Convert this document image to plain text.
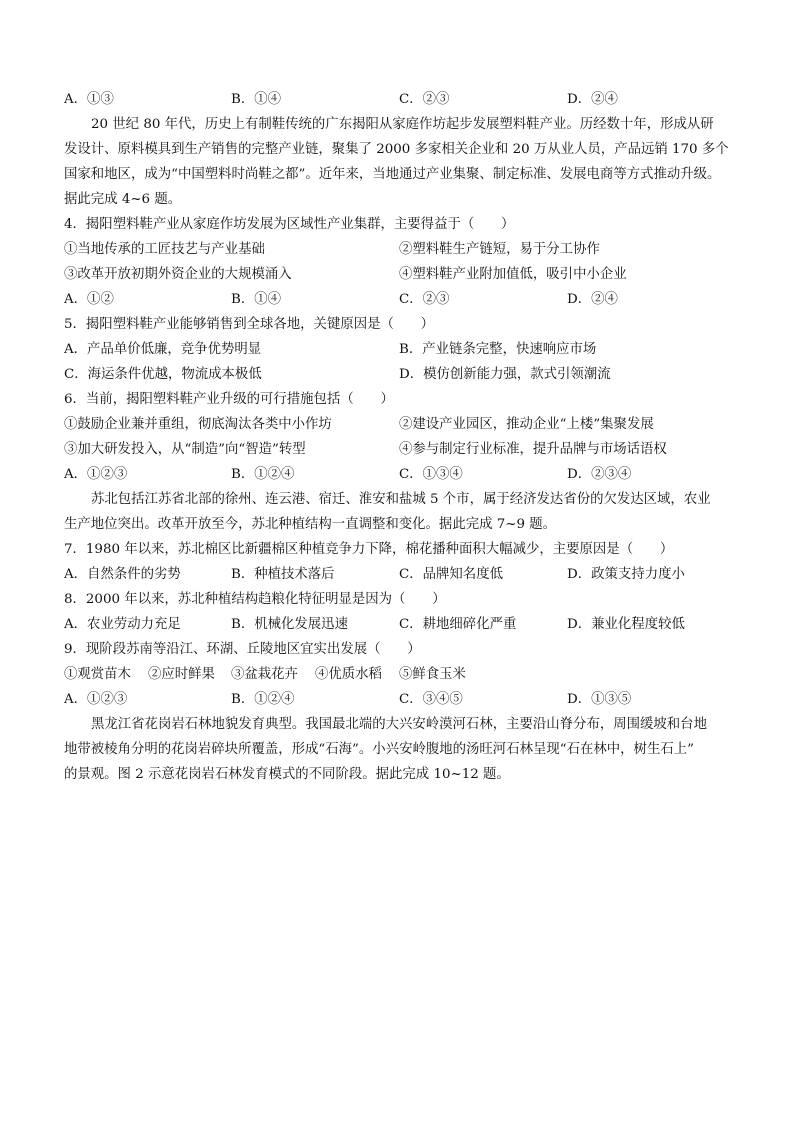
A．①③	B．①④	C．②③	D．②④
20 世纪 80 年代，历史上有制鞋传统的广东揭阳从家庭作坊起步发展塑料鞋产业。历经数十年，形成从研
发设计、原料模具到生产销售的完整产业链，聚集了 2000 多家相关企业和 20 万从业人员，产品远销 170 多个
国家和地区，成为“中国塑料时尚鞋之都”。近年来，当地通过产业集聚、制定标准、发展电商等方式推动升级。
据此完成 4~6 题。
4．揭阳塑料鞋产业从家庭作坊发展为区域性产业集群，主要得益于（　　）
①当地传承的工匠技艺与产业基础	②塑料鞋生产链短，易于分工协作
③改革开放初期外资企业的大规模涌入	④塑料鞋产业附加值低，吸引中小企业
A．①②	B．①④	C．②③	D．②④
5．揭阳塑料鞋产业能够销售到全球各地，关键原因是（　　）
A．产品单价低廉，竞争优势明显	B．产业链条完整，快速响应市场
C．海运条件优越，物流成本极低	D．模仿创新能力强，款式引领潮流
6．当前，揭阳塑料鞋产业升级的可行措施包括（　　）
①鼓励企业兼并重组，彻底淘汰各类中小作坊	②建设产业园区，推动企业“上楼”集聚发展
③加大研发投入，从“制造”向“智造”转型	④参与制定行业标准，提升品牌与市场话语权
A．①②③	B．①②④	C．①③④	D．②③④
苏北包括江苏省北部的徐州、连云港、宿迁、淮安和盐城 5 个市，属于经济发达省份的欠发达区域，农业
生产地位突出。改革开放至今，苏北种植结构一直调整和变化。据此完成 7~9 题。
7．1980 年以来，苏北棉区比新疆棉区种植竞争力下降，棉花播种面积大幅减少，主要原因是（　　）
A．自然条件的劣势	B．种植技术落后	C．品牌知名度低	D．政策支持力度小
8．2000 年以来，苏北种植结构趋粮化特征明显是因为（　　）
A．农业劳动力充足	B．机械化发展迅速	C．耕地细碎化严重	D．兼业化程度较低
9．现阶段苏南等沿江、环湖、丘陵地区宜实出发展（　　）
①观赏苗木 ②应时鲜果 ③盆栽花卉 ④优质水稻 ⑤鲜食玉米
A．①②③	B．①②④	C．③④⑤	D．①③⑤
黑龙江省花岗岩石林地貌发育典型。我国最北端的大兴安岭漠河石林，主要沿山脊分布，周围缓坡和台地
地带被棱角分明的花岗岩碎块所覆盖，形成“石海”。小兴安岭腹地的汤旺河石林呈现“石在林中，树生石上”
的景观。图 2 示意花岗岩石林发育模式的不同阶段。据此完成 10~12 题。
